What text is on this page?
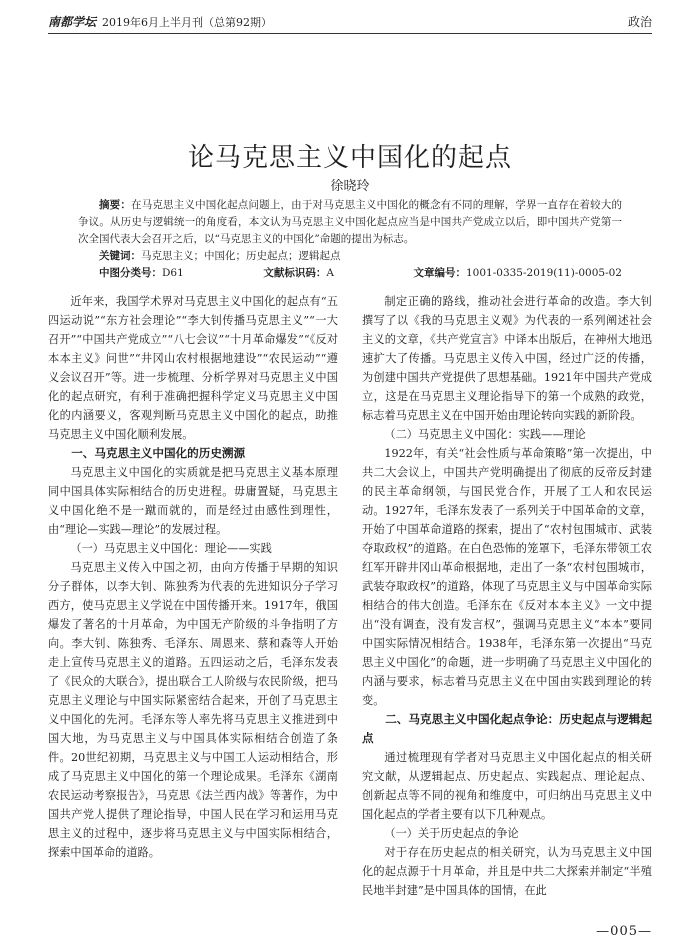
南都学坛 2019年6月上半月刊（总第92期）	政治
论马克思主义中国化的起点
徐晓玲

摘要：在马克思主义中国化起点问题上，由于对马克思主义中国化的概念有不同的理解，学界一直存在着较大的争议。从历史与逻辑统一的角度看，本文认为马克思主义中国化起点应当是中国共产党成立以后，即中国共产党第一次全国代表大会召开之后，以“马克思主义的中国化”命题的提出为标志。

关键词：马克思主义；中国化；历史起点；逻辑起点

中图分类号：D61	文献标识码：A	文章编号：1001-0335-2019(11)-0005-02

近年来，我国学术界对马克思主义中国化的起点有“五四运动说”“东方社会理论”“李大钊传播马克思主义”“一大召开”“中国共产党成立”“八七会议”“十月革命爆发”“《反对本本主义》问世”“井冈山农村根据地建设”“农民运动”“遵义会议召开”等。进一步梳理、分析学界对马克思主义中国化的起点研究，有利于准确把握科学定义马克思主义中国化的内涵要义，客观判断马克思主义中国化的起点，助推马克思主义中国化顺利发展。

一、马克思主义中国化的历史溯源

马克思主义中国化的实质就是把马克思主义基本原理同中国具体实际相结合的历史进程。毋庸置疑，马克思主义中国化绝不是一蹴而就的，而是经过由感性到理性，由“理论—实践—理论”的发展过程。

（一）马克思主义中国化：理论——实践

马克思主义传入中国之初，由向方传播于早期的知识分子群体，以李大钊、陈独秀为代表的先进知识分子学习西方，使马克思主义学说在中国传播开来。1917年，俄国爆发了著名的十月革命，为中国无产阶级的斗争指明了方向。李大钊、陈独秀、毛泽东、周恩来、蔡和森等人开始走上宣传马克思主义的道路。五四运动之后，毛泽东发表了《民众的大联合》，提出联合工人阶级与农民阶级，把马克思主义理论与中国实际紧密结合起来，开创了马克思主义中国化的先河。毛泽东等人率先将马克思主义推进到中国大地，为马克思主义与中国具体实际相结合创造了条件。20世纪初期，马克思主义与中国工人运动相结合，形成了马克思主义中国化的第一个理论成果。毛泽东《湖南农民运动考察报告》，马克思《法兰西内战》等著作，为中国共产党人提供了理论指导，中国人民在学习和运用马克思主义的过程中，逐步将马克思主义与中国实际相结合，探索中国革命的道路。

制定正确的路线，推动社会进行革命的改造。李大钊撰写了以《我的马克思主义观》为代表的一系列阐述社会主义的文章，《共产党宣言》中译本出版后，在神州大地迅速扩大了传播。马克思主义传入中国，经过广泛的传播，为创建中国共产党提供了思想基础。1921年中国共产党成立，这是在马克思主义理论指导下的第一个成熟的政党，标志着马克思主义在中国开始由理论转向实践的新阶段。

（二）马克思主义中国化：实践——理论

1922年，有关“社会性质与革命策略”第一次提出，中共二大会议上，中国共产党明确提出了彻底的反帝反封建的民主革命纲领，与国民党合作，开展了工人和农民运动。1927年，毛泽东发表了一系列关于中国革命的文章，开始了中国革命道路的探索，提出了“农村包围城市、武装夺取政权”的道路。在白色恐怖的笼罩下，毛泽东带领工农红军开辟井冈山革命根据地，走出了一条“农村包围城市，武装夺取政权”的道路，体现了马克思主义与中国革命实际相结合的伟大创造。毛泽东在《反对本本主义》一文中提出“没有调查，没有发言权”，强调马克思主义“本本”要同中国实际情况相结合。1938年，毛泽东第一次提出“马克思主义中国化”的命题，进一步明确了马克思主义中国化的内涵与要求，标志着马克思主义在中国由实践到理论的转变。

二、马克思主义中国化起点争论：历史起点与逻辑起点

通过梳理现有学者对马克思主义中国化起点的相关研究文献，从逻辑起点、历史起点、实践起点、理论起点、创新起点等不同的视角和维度中，可归纳出马克思主义中国化起点的学者主要有以下几种观点。

（一）关于历史起点的争论

对于存在历史起点的相关研究，认为马克思主义中国化的起点源于十月革命，并且是中共二大探索并制定“半殖民地半封建”是中国具体的国情，在此

—005—
